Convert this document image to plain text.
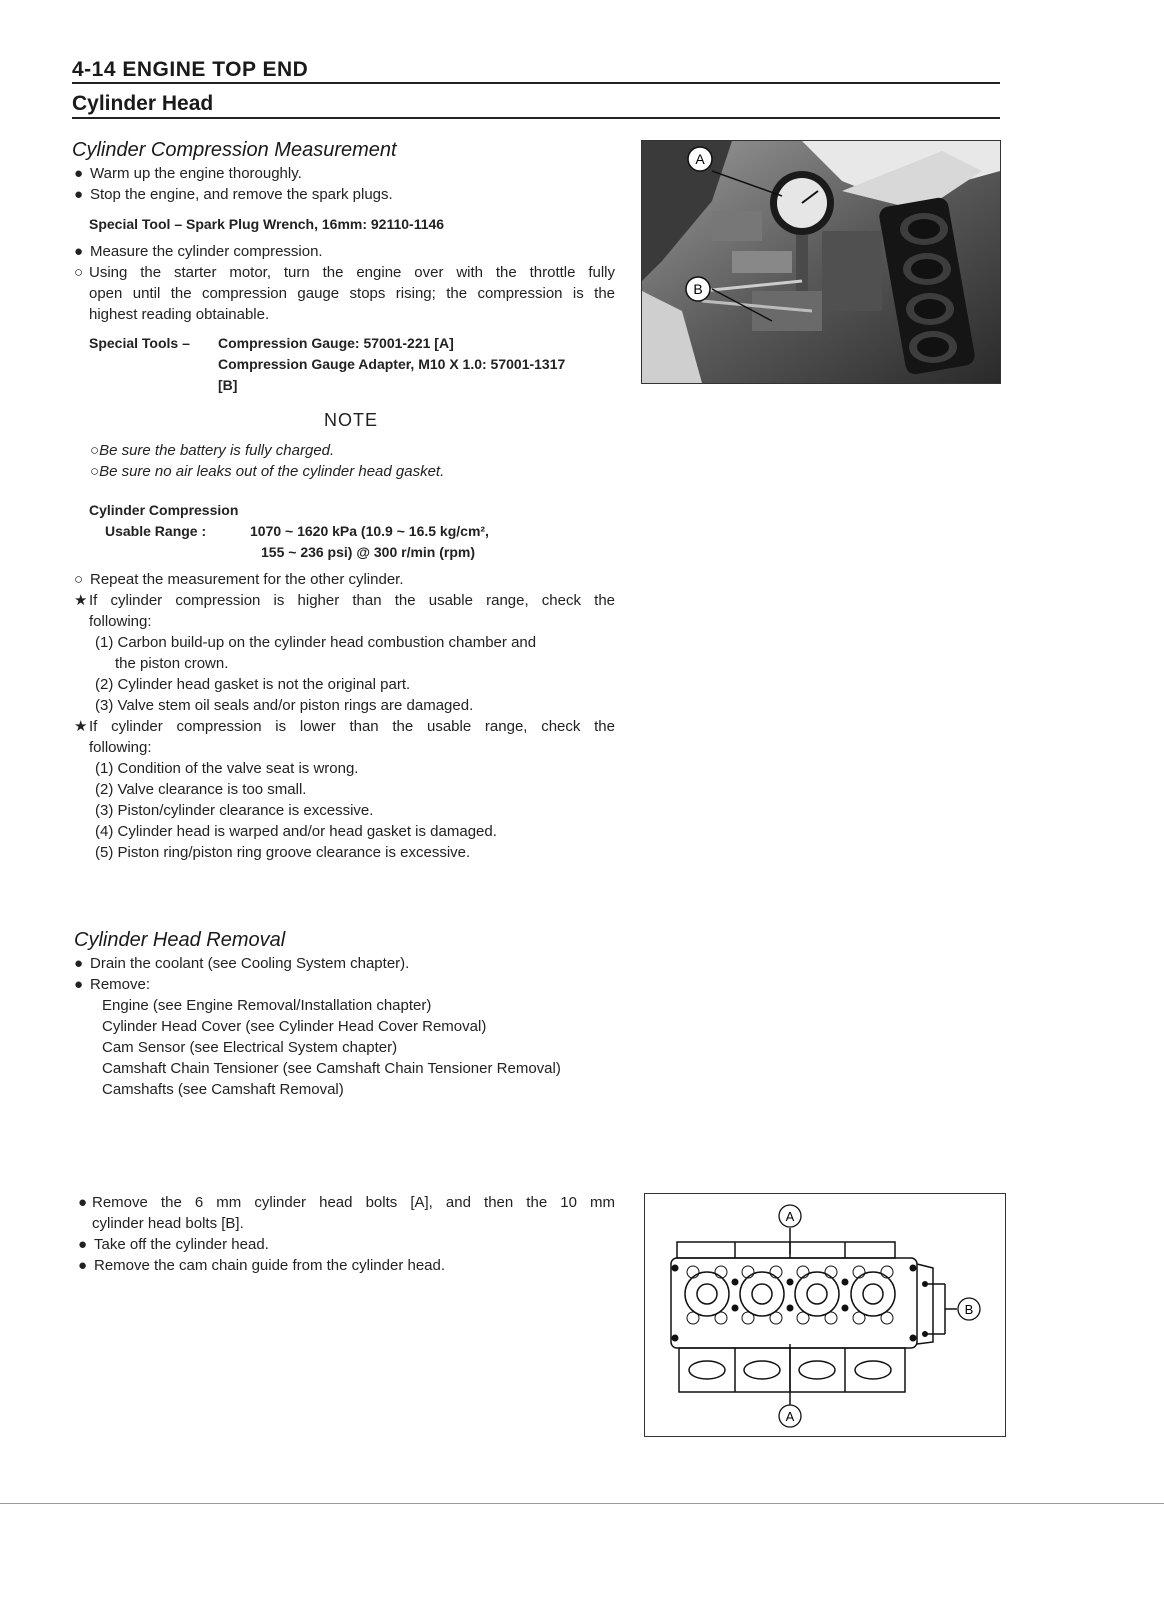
4-14 ENGINE TOP END
Cylinder Head
Cylinder Compression Measurement
● Warm up the engine thoroughly.
● Stop the engine, and remove the spark plugs.
Special Tool – Spark Plug Wrench, 16mm: 92110-1146
● Measure the cylinder compression.
○ Using the starter motor, turn the engine over with the throttle fully
open until the compression gauge stops rising; the compression is the
highest reading obtainable.
Special Tools – Compression Gauge: 57001-221 [A]
Compression Gauge Adapter, M10 X 1.0: 57001-1317
[B]
NOTE
○Be sure the battery is fully charged.
○Be sure no air leaks out of the cylinder head gasket.
Cylinder Compression
Usable Range :	1070 ~ 1620 kPa (10.9 ~ 16.5 kg/cm²,
155 ~ 236 psi) @ 300 r/min (rpm)
○ Repeat the measurement for the other cylinder.
★ If cylinder compression is higher than the usable range, check the
following:
(1) Carbon build-up on the cylinder head combustion chamber and
the piston crown.
(2) Cylinder head gasket is not the original part.
(3) Valve stem oil seals and/or piston rings are damaged.
★ If cylinder compression is lower than the usable range, check the
following:
(1) Condition of the valve seat is wrong.
(2) Valve clearance is too small.
(3) Piston/cylinder clearance is excessive.
(4) Cylinder head is warped and/or head gasket is damaged.
(5) Piston ring/piston ring groove clearance is excessive.
A
B
Cylinder Head Removal
● Drain the coolant (see Cooling System chapter).
● Remove:
Engine (see Engine Removal/Installation chapter)
Cylinder Head Cover (see Cylinder Head Cover Removal)
Cam Sensor (see Electrical System chapter)
Camshaft Chain Tensioner (see Camshaft Chain Tensioner Removal)
Camshafts (see Camshaft Removal)
● Remove the 6 mm cylinder head bolts [A], and then the 10 mm
cylinder head bolts [B].
● Take off the cylinder head.
● Remove the cam chain guide from the cylinder head.
A
A
B
